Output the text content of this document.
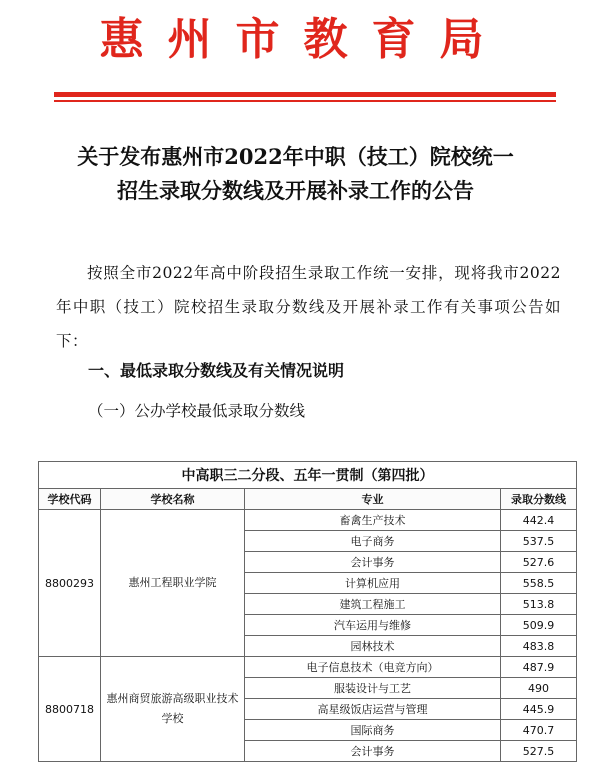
惠州市教育局
关于发布惠州市2022年中职（技工）院校统一
招生录取分数线及开展补录工作的公告
按照全市2022年高中阶段招生录取工作统一安排，现将我市2022年中职（技工）院校招生录取分数线及开展补录工作有关事项公告如下：
一、最低录取分数线及有关情况说明
（一）公办学校最低录取分数线
中高职三二分段、五年一贯制（第四批）			
学校代码	学校名称	专业	录取分数线
8800293	惠州工程职业学院	畜禽生产技术	442.4
		电子商务	537.5
		会计事务	527.6
		计算机应用	558.5
		建筑工程施工	513.8
		汽车运用与维修	509.9
		园林技术	483.8
8800718	惠州商贸旅游高级职业技术学校	电子信息技术（电竞方向）	487.9
		服装设计与工艺	490
		高星级饭店运营与管理	445.9
		国际商务	470.7
		会计事务	527.5
